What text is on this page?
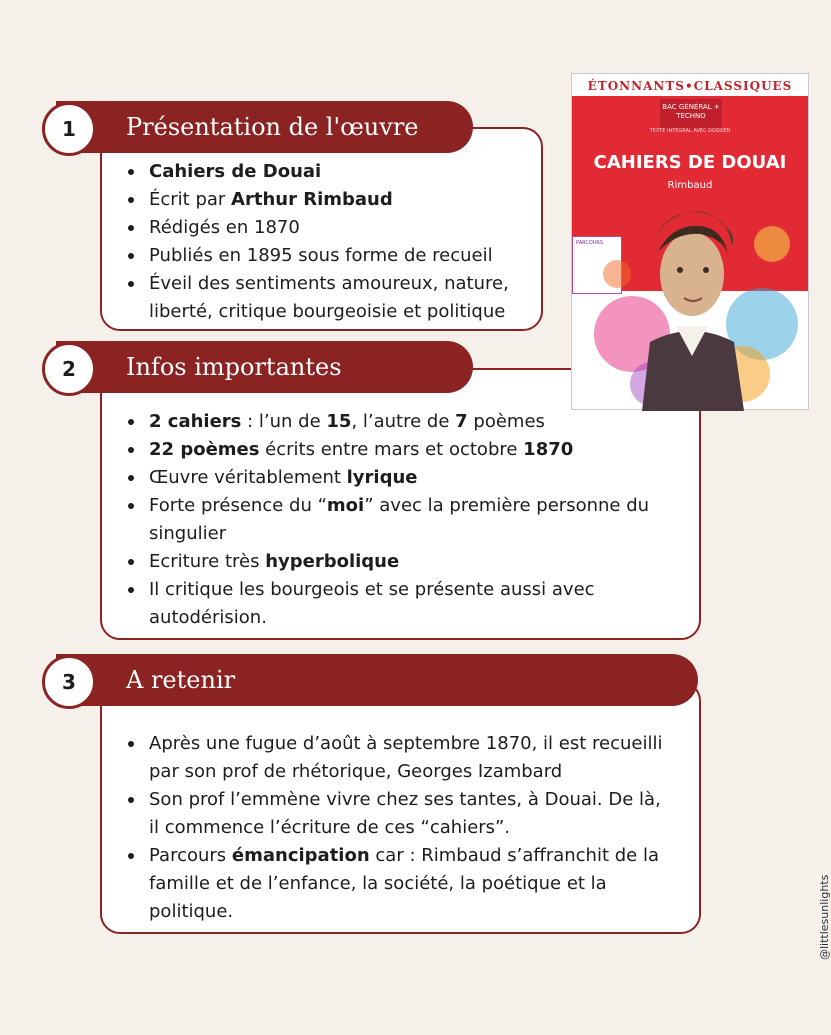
Présentation de l'œuvre
1
Cahiers de Douai
Écrit par Arthur Rimbaud
Rédigés en 1870
Publiés en 1895 sous forme de recueil
Éveil des sentiments amoureux, nature, liberté, critique bourgeoisie et politique
Infos importantes
2
2 cahiers : l’un de 15, l’autre de 7 poèmes
22 poèmes écrits entre mars et octobre 1870
Œuvre véritablement lyrique
Forte présence du “moi” avec la première personne du singulier
Ecriture très hyperbolique
Il critique les bourgeois et se présente aussi avec autodérision.
A retenir
3
Après une fugue d’août à septembre 1870, il est recueilli par son prof de rhétorique, Georges Izambard
Son prof l’emmène vivre chez ses tantes, à Douai. De là, il commence l’écriture de ces “cahiers”.
Parcours émancipation car : Rimbaud s’affranchit de la famille et de l’enfance, la société, la poétique et la politique.
ÉTONNANTS•CLASSIQUES
BAC GÉNÉRAL + TECHNO
TEXTE INTÉGRAL AVEC DOSSIER
CAHIERS DE DOUAI
Rimbaud
PARCOURS
@littlesunlights
